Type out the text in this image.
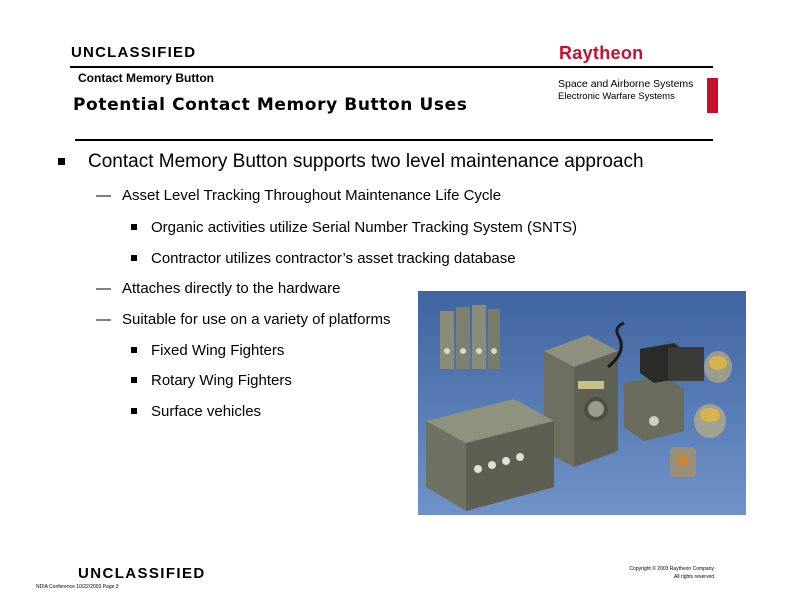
UNCLASSIFIED
Contact Memory Button
Potential Contact Memory Button Uses
Raytheon
Space and Airborne Systems
Electronic Warfare Systems
Contact Memory Button supports two level maintenance approach
— Asset Level Tracking Throughout Maintenance Life Cycle
Organic activities utilize Serial Number Tracking System (SNTS)
Contractor utilizes contractor’s asset tracking database
— Attaches directly to the hardware
— Suitable for use on a variety of platforms
Fixed Wing Fighters
Rotary Wing Fighters
Surface vehicles
UNCLASSIFIED
NDIA Conference 10/22/2003 Page 3
Copyright © 2003 Raytheon Company
All rights reserved
